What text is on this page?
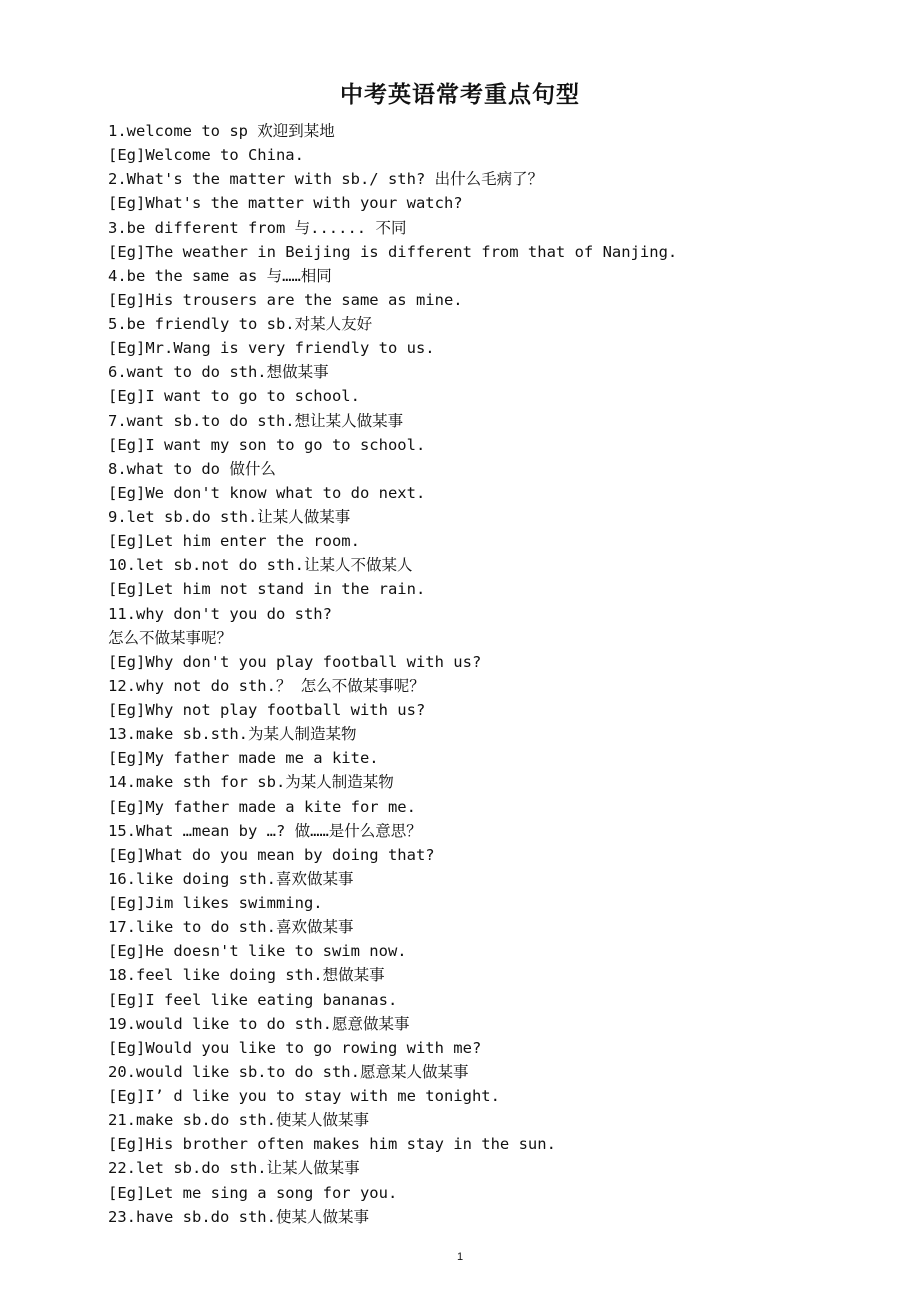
中考英语常考重点句型
1.welcome to sp 欢迎到某地
[Eg]Welcome to China.
2.What's the matter with sb./ sth? 出什么毛病了？
[Eg]What's the matter with your watch?
3.be different from 与...... 不同
[Eg]The weather in Beijing is different from that of Nanjing.
4.be the same as 与……相同
[Eg]His trousers are the same as mine.
5.be friendly to sb.对某人友好
[Eg]Mr.Wang is very friendly to us.
6.want to do sth.想做某事
[Eg]I want to go to school.
7.want sb.to do sth.想让某人做某事
[Eg]I want my son to go to school.
8.what to do 做什么
[Eg]We don't know what to do next.
9.let sb.do sth.让某人做某事
[Eg]Let him enter the room.
10.let sb.not do sth.让某人不做某人
[Eg]Let him not stand in the rain.
11.why don't you do sth?
怎么不做某事呢？
[Eg]Why don't you play football with us?
12.why not do sth.？ 怎么不做某事呢？
[Eg]Why not play football with us?
13.make sb.sth.为某人制造某物
[Eg]My father made me a kite.
14.make sth for sb.为某人制造某物
[Eg]My father made a kite for me.
15.What …mean by …? 做……是什么意思？
[Eg]What do you mean by doing that?
16.like doing sth.喜欢做某事
[Eg]Jim likes swimming.
17.like to do sth.喜欢做某事
[Eg]He doesn't like to swim now.
18.feel like doing sth.想做某事
[Eg]I feel like eating bananas.
19.would like to do sth.愿意做某事
[Eg]Would you like to go rowing with me?
20.would like sb.to do sth.愿意某人做某事
[Eg]I’ d like you to stay with me tonight.
21.make sb.do sth.使某人做某事
[Eg]His brother often makes him stay in the sun.
22.let sb.do sth.让某人做某事
[Eg]Let me sing a song for you.
23.have sb.do sth.使某人做某事
1
